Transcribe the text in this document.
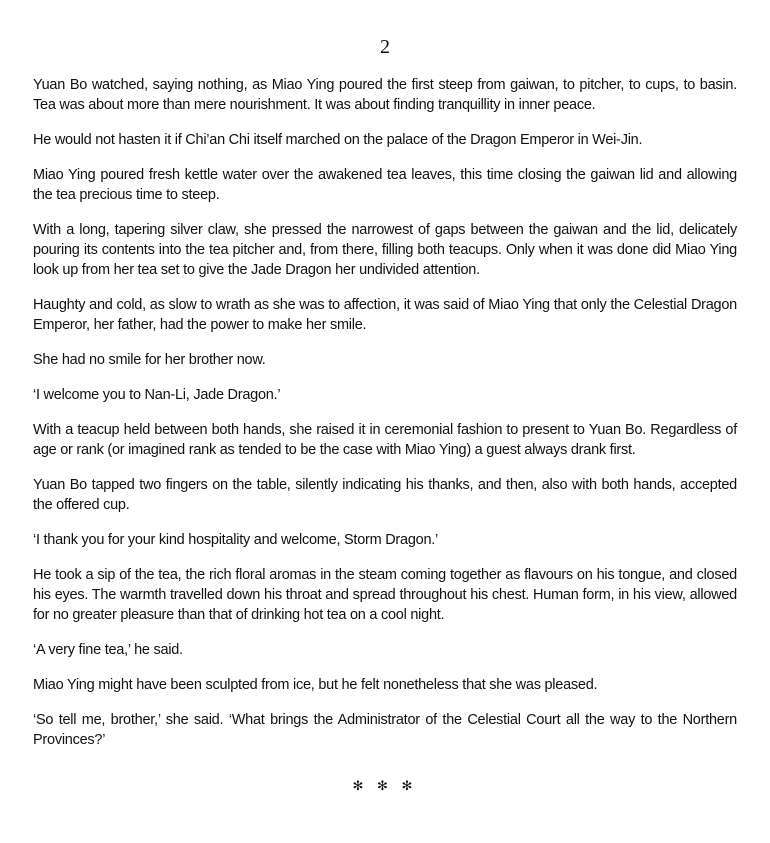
2

Yuan Bo watched, saying nothing, as Miao Ying poured the first steep from gaiwan, to pitcher, to cups, to basin. Tea was about more than mere nourishment. It was about finding tranquillity in inner peace.

He would not hasten it if Chi’an Chi itself marched on the palace of the Dragon Emperor in Wei-Jin.

Miao Ying poured fresh kettle water over the awakened tea leaves, this time closing the gaiwan lid and allowing the tea precious time to steep.

With a long, tapering silver claw, she pressed the narrowest of gaps between the gaiwan and the lid, delicately pouring its contents into the tea pitcher and, from there, filling both teacups. Only when it was done did Miao Ying look up from her tea set to give the Jade Dragon her undivided attention.

Haughty and cold, as slow to wrath as she was to affection, it was said of Miao Ying that only the Celestial Dragon Emperor, her father, had the power to make her smile.

She had no smile for her brother now.

‘I welcome you to Nan-Li, Jade Dragon.’

With a teacup held between both hands, she raised it in ceremonial fashion to present to Yuan Bo. Regardless of age or rank (or imagined rank as tended to be the case with Miao Ying) a guest always drank first.

Yuan Bo tapped two fingers on the table, silently indicating his thanks, and then, also with both hands, accepted the offered cup.

‘I thank you for your kind hospitality and welcome, Storm Dragon.’

He took a sip of the tea, the rich floral aromas in the steam coming together as flavours on his tongue, and closed his eyes. The warmth travelled down his throat and spread throughout his chest. Human form, in his view, allowed for no greater pleasure than that of drinking hot tea on a cool night.

‘A very fine tea,’ he said.

Miao Ying might have been sculpted from ice, but he felt nonetheless that she was pleased.

‘So tell me, brother,’ she said. ‘What brings the Administrator of the Celestial Court all the way to the Northern Provinces?’

✻ ✻ ✻
